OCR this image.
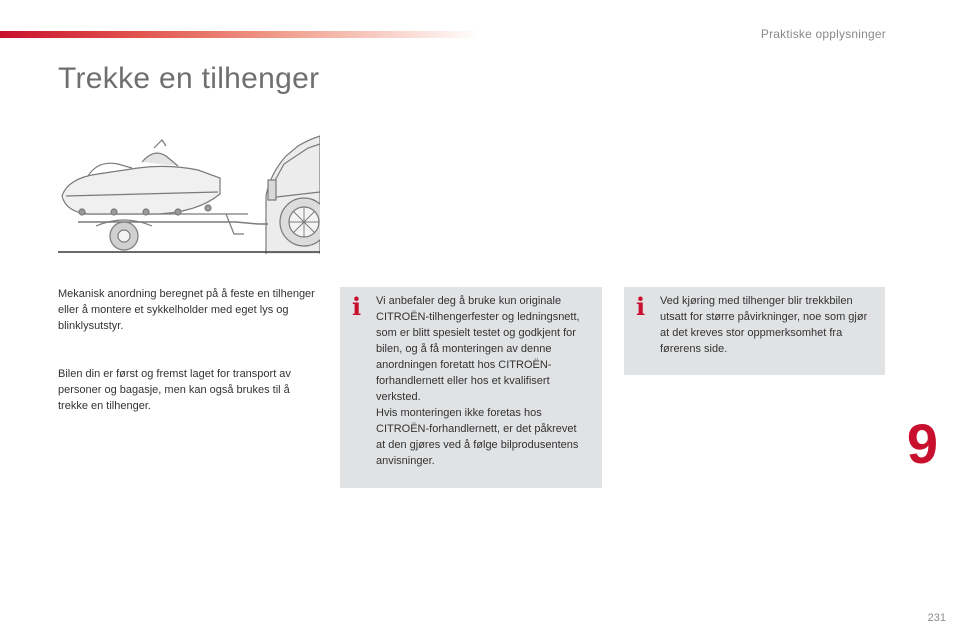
Praktiske opplysninger
Trekke en tilhenger

Mekanisk anordning beregnet på å feste en tilhenger eller å montere et sykkelholder med eget lys og blinklysutstyr.

Bilen din er først og fremst laget for transport av personer og bagasje, men kan også brukes til å trekke en tilhenger.

i Vi anbefaler deg å bruke kun originale CITROËN-tilhengerfester og ledningsnett, som er blitt spesielt testet og godkjent for bilen, og å få monteringen av denne anordningen foretatt hos CITROËN-forhandlernett eller hos et kvalifisert verksted.
Hvis monteringen ikke foretas hos CITROËN-forhandlernett, er det påkrevet at den gjøres ved å følge bilprodusentens anvisninger.

i Ved kjøring med tilhenger blir trekkbilen utsatt for større påvirkninger, noe som gjør at det kreves stor oppmerksomhet fra førerens side.

9
231
